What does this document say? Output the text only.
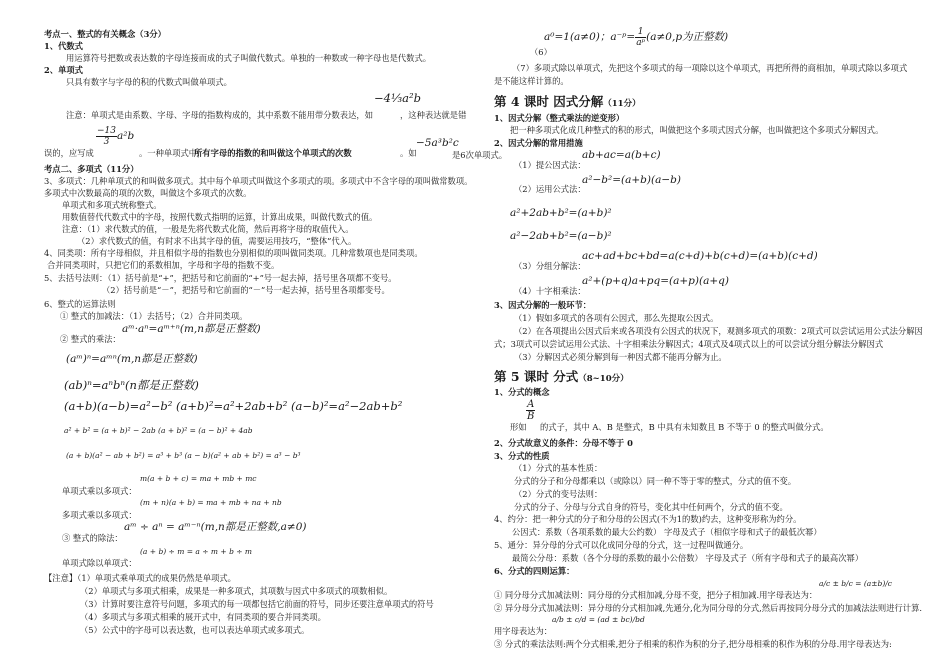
考点一、整式的有关概念（3分）
1、代数式
用运算符号把数或表达数的字母连接而成的式子叫做代数式。单独的一种数或一种字母也是代数式。
2、单项式
只具有数字与字母的积的代数式叫做单项式。
−4⅓a²b
注意：单项式是由系数、字母、字母的指数构成的，其中系数不能用带分数表达，如	，这种表达就是错
$\frac{-13}{3} a^2b$
误的，应写成	。一种单项式中，
所有字母的指数的和叫做这个单项式的次数	。如
−5a³b²c
是6次单项式。
考点二、多项式（11分）
3、多项式：几种单项式的和叫做多项式。其中每个单项式叫做这个多项式的项。多项式中不含字母的项叫做常数项。
多项式中次数最高的项的次数，叫做这个多项式的次数。
单项式和多项式统称整式。
用数值替代代数式中的字母，按照代数式指明的运算，计算出成果，叫做代数式的值。
注意：（1）求代数式的值，一般是先将代数式化简，然后再将字母的取值代入。
（2）求代数式的值，有时求不出其字母的值，需要运用技巧，“整体”代入。
4、同类项：所有字母相似，并且相似字母的指数也分别相似的项叫做同类项。几种常数项也是同类项。
合并同类项时，只把它们的系数相加，字母和字母的指数不变。
5、去括号法则：（1）括号前是“+”，把括号和它前面的“+”号一起去掉，括号里各项都不变号。
（2）括号前是“－”，把括号和它前面的“－”号一起去掉，括号里各项都变号。
6、整式的运算法则
① 整式的加减法：（1）去括号；（2）合并同类项。
aᵐ·aⁿ=aᵐ⁺ⁿ(m,n都是正整数)
② 整式的乘法：
(aᵐ)ⁿ=aᵐⁿ(m,n都是正整数)
(ab)ⁿ=aⁿbⁿ(n都是正整数)
(a+b)(a−b)=a²−b² (a+b)²=a²+2ab+b² (a−b)²=a²−2ab+b²
a² + b² = (a + b)² − 2ab (a + b)² = (a − b)² + 4ab
(a + b)(a² − ab + b²) = a³ + b³ (a − b)(a² + ab + b²) = a³ − b³
m(a + b + c) = ma + mb + mc
单项式乘以多项式：
(m + n)(a + b) = ma + mb + na + nb
多项式乘以多项式：
aᵐ ÷ aⁿ = aᵐ⁻ⁿ(m,n都是正整数,a≠0)
③ 整式的除法：
(a + b) ÷ m = a ÷ m + b ÷ m
单项式除以单项式：
【注意】（1）单项式乘单项式的成果仍然是单项式。
（2）单项式与多项式相乘，成果是一种多项式，其项数与因式中多项式的项数相似。
（3）计算时要注意符号问题，多项式的每一项都包括它前面的符号，同步还要注意单项式的符号
（4）多项式与多项式相乘的展开式中，有同类项的要合并同类项。
（5）公式中的字母可以表达数，也可以表达单项式或多项式。
a⁰=1(a≠0)；a⁻ᵖ= $\frac{1}{\text{aᵖ}} (a\ne 0,p$为正整数)
（6）
（7）多项式除以单项式，先把这个多项式的每一项除以这个单项式，再把所得的商相加，单项式除以多项式
是不能这样计算的。
第 4 课时 因式分解（11分）
1、因式分解（整式乘法的逆变形）
把一种多项式化成几种整式的积的形式，叫做把这个多项式因式分解，也叫做把这个多项式分解因式。
2、因式分解的常用措施
ab+ac=a(b+c)
（1）提公因式法：
a²−b²=(a+b)(a−b)
（2）运用公式法：
a²+2ab+b²=(a+b)²
a²−2ab+b²=(a−b)²
ac+ad+bc+bd=a(c+d)+b(c+d)=(a+b)(c+d)
（3）分组分解法：
a²+(p+q)a+pq=(a+p)(a+q)
（4）十字相乘法：
3、因式分解的一般环节：
（1）假如多项式的各项有公因式，那么先提取公因式。
（2）在各项提出公因式后来或各项没有公因式的状况下，观测多项式的项数：2项式可以尝试运用公式法分解因
式；3项式可以尝试运用公式法、十字相乘法分解因式；4项式及4项式以上的可以尝试分组分解法分解因式
（3）分解因式必须分解到每一种因式都不能再分解为止。
第 5 课时 分式（8~10分）
1、分式的概念
$\frac{A}{B}$
形如 的式子，其中 A、B 是整式，B 中具有未知数且 B 不等于 0 的整式叫做分式。
2、分式故意义的条件：分母不等于 0
3、分式的性质
（1）分式的基本性质：
分式的分子和分母都乘以（或除以）同一种不等于零的整式，分式的值不变。
（2）分式的变号法则：
分式的分子、分母与分式自身的符号，变化其中任何两个，分式的值不变。
4、约分：把一种分式的分子和分母的公因式(不为1的数)约去，这种变形称为约分。
公因式：系数（各项系数的最大公约数） 字母及式子（相似字母和式子的最低次幂）
5、通分：异分母的分式可以化成同分母的分式，这一过程叫做通分。
最简公分母：系数（各个分母的系数的最小公倍数） 字母及式子（所有字母和式子的最高次幂）
6、分式的四则运算：
a/c ± b/c = (a±b)/c
① 同分母分式加减法则：同分母的分式相加减,分母不变，把分子相加减.用字母表达为：
② 异分母分式加减法则：异分母的分式相加减,先通分,化为同分母的分式,然后再按同分母分式的加减法法则进行计算.
a/b ± c/d = (ad ± bc)/bd
用字母表达为：
③ 分式的乘法法则:两个分式相乘,把分子相乘的积作为积的分子,把分母相乘的积作为积的分母.用字母表达为:
